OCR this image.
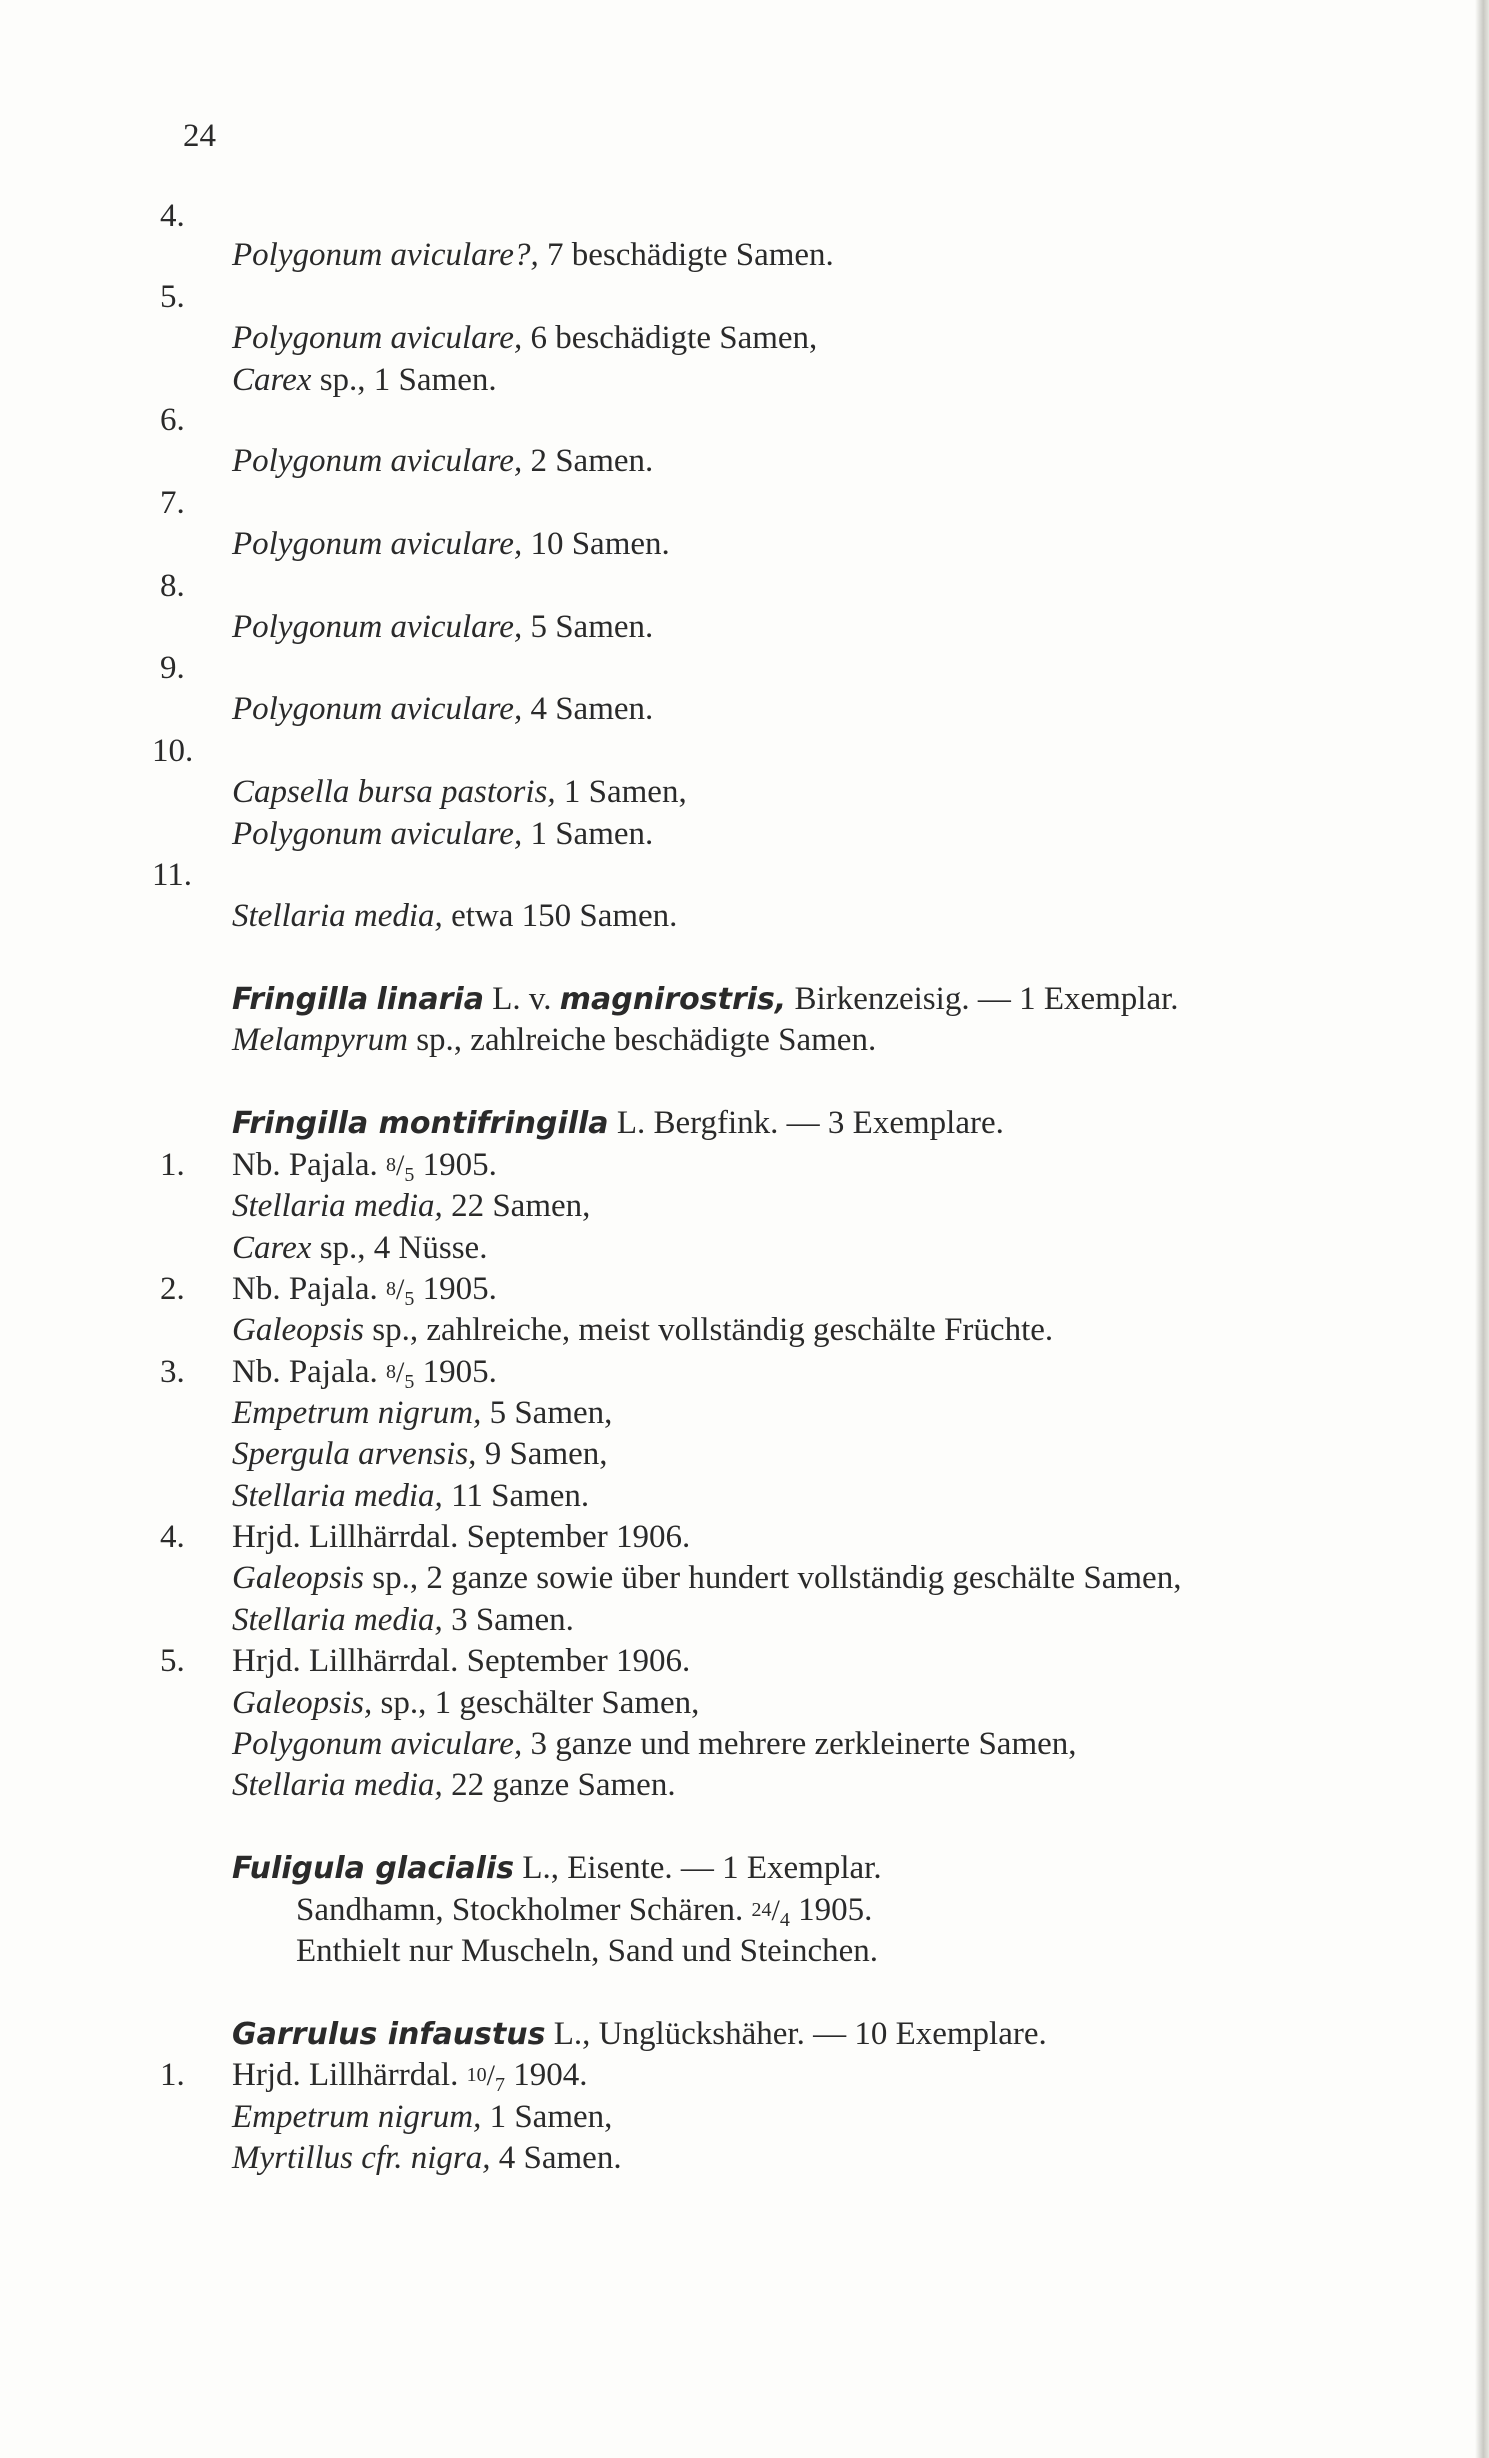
24
4.
Polygonum aviculare?, 7 beschädigte Samen.
5.
Polygonum aviculare, 6 beschädigte Samen,
Carex sp., 1 Samen.
6.
Polygonum aviculare, 2 Samen.
7.
Polygonum aviculare, 10 Samen.
8.
Polygonum aviculare, 5 Samen.
9.
Polygonum aviculare, 4 Samen.
10.
Capsella bursa pastoris, 1 Samen,
Polygonum aviculare, 1 Samen.
11.
Stellaria media, etwa 150 Samen.
Fringilla linaria L. v. magnirostris, Birkenzeisig. — 1 Exemplar.
Melampyrum sp., zahlreiche beschädigte Samen.
Fringilla montifringilla L. Bergfink. — 3 Exemplare.
1. Nb. Pajala. $^8/_5$ 1905.
Stellaria media, 22 Samen,
Carex sp., 4 Nüsse.
2. Nb. Pajala. $^8/_5$ 1905.
Galeopsis sp., zahlreiche, meist vollständig geschälte Früchte.
3. Nb. Pajala. $^8/_5$ 1905.
Empetrum nigrum, 5 Samen,
Spergula arvensis, 9 Samen,
Stellaria media, 11 Samen.
4. Hrjd. Lillhärrdal. September 1906.
Galeopsis sp., 2 ganze sowie über hundert vollständig geschälte Samen,
Stellaria media, 3 Samen.
5. Hrjd. Lillhärrdal. September 1906.
Galeopsis, sp., 1 geschälter Samen,
Polygonum aviculare, 3 ganze und mehrere zerkleinerte Samen,
Stellaria media, 22 ganze Samen.
Fuligula glacialis L., Eisente. — 1 Exemplar.
Sandhamn, Stockholmer Schären. $^{24}/_4$ 1905.
Enthielt nur Muscheln, Sand und Steinchen.
Garrulus infaustus L., Unglückshäher. — 10 Exemplare.
1. Hrjd. Lillhärrdal. $^{10}/_7$ 1904.
Empetrum nigrum, 1 Samen,
Myrtillus cfr. nigra, 4 Samen.
